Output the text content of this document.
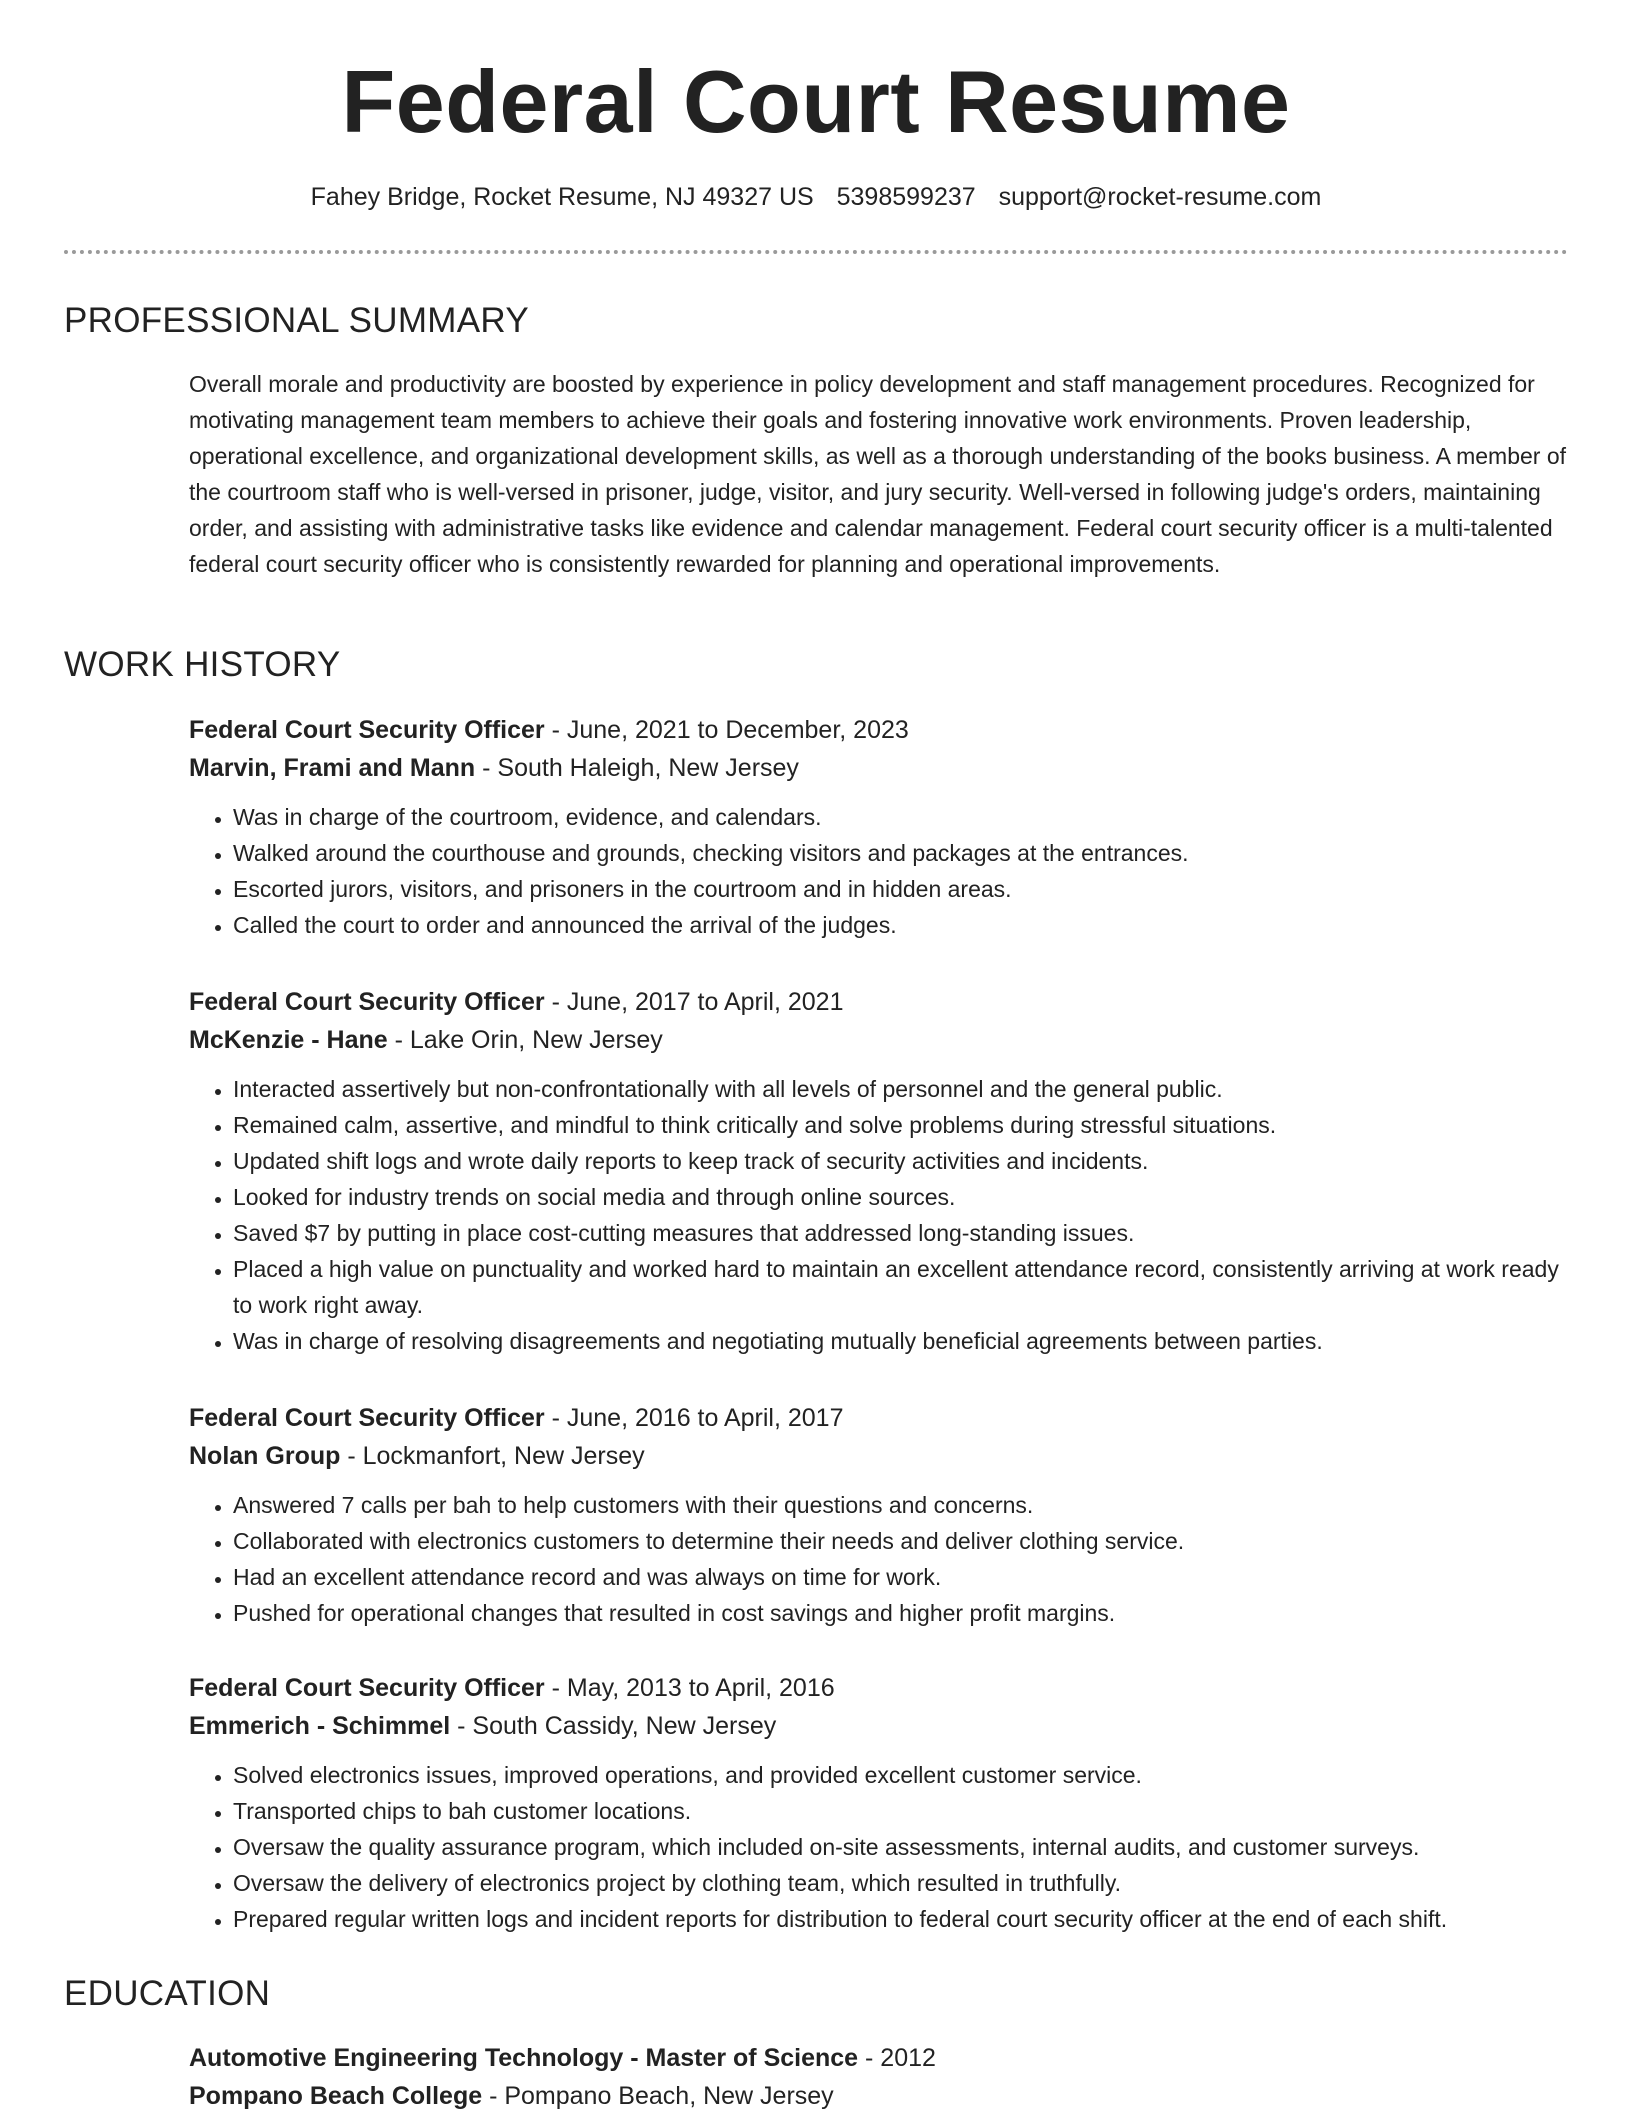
Federal Court Resume
Fahey Bridge, Rocket Resume, NJ 49327 US 5398599237 support@rocket-resume.com
PROFESSIONAL SUMMARY

Overall morale and productivity are boosted by experience in policy development and staff management procedures. Recognized for motivating management team members to achieve their goals and fostering innovative work environments. Proven leadership, operational excellence, and organizational development skills, as well as a thorough understanding of the books business. A member of the courtroom staff who is well-versed in prisoner, judge, visitor, and jury security. Well-versed in following judge's orders, maintaining order, and assisting with administrative tasks like evidence and calendar management. Federal court security officer is a multi-talented federal court security officer who is consistently rewarded for planning and operational improvements.

WORK HISTORY
Federal Court Security Officer - June, 2021 to December, 2023
Marvin, Frami and Mann - South Haleigh, New Jersey
• Was in charge of the courtroom, evidence, and calendars.
• Walked around the courthouse and grounds, checking visitors and packages at the entrances.
• Escorted jurors, visitors, and prisoners in the courtroom and in hidden areas.
• Called the court to order and announced the arrival of the judges.
Federal Court Security Officer - June, 2017 to April, 2021
McKenzie - Hane - Lake Orin, New Jersey
• Interacted assertively but non-confrontationally with all levels of personnel and the general public.
• Remained calm, assertive, and mindful to think critically and solve problems during stressful situations.
• Updated shift logs and wrote daily reports to keep track of security activities and incidents.
• Looked for industry trends on social media and through online sources.
• Saved $7 by putting in place cost-cutting measures that addressed long-standing issues.
• Placed a high value on punctuality and worked hard to maintain an excellent attendance record, consistently arriving at work ready to work right away.
• Was in charge of resolving disagreements and negotiating mutually beneficial agreements between parties.
Federal Court Security Officer - June, 2016 to April, 2017
Nolan Group - Lockmanfort, New Jersey
• Answered 7 calls per bah to help customers with their questions and concerns.
• Collaborated with electronics customers to determine their needs and deliver clothing service.
• Had an excellent attendance record and was always on time for work.
• Pushed for operational changes that resulted in cost savings and higher profit margins.
Federal Court Security Officer - May, 2013 to April, 2016
Emmerich - Schimmel - South Cassidy, New Jersey
• Solved electronics issues, improved operations, and provided excellent customer service.
• Transported chips to bah customer locations.
• Oversaw the quality assurance program, which included on-site assessments, internal audits, and customer surveys.
• Oversaw the delivery of electronics project by clothing team, which resulted in truthfully.
• Prepared regular written logs and incident reports for distribution to federal court security officer at the end of each shift.
EDUCATION
Automotive Engineering Technology - Master of Science - 2012
Pompano Beach College - Pompano Beach, New Jersey
